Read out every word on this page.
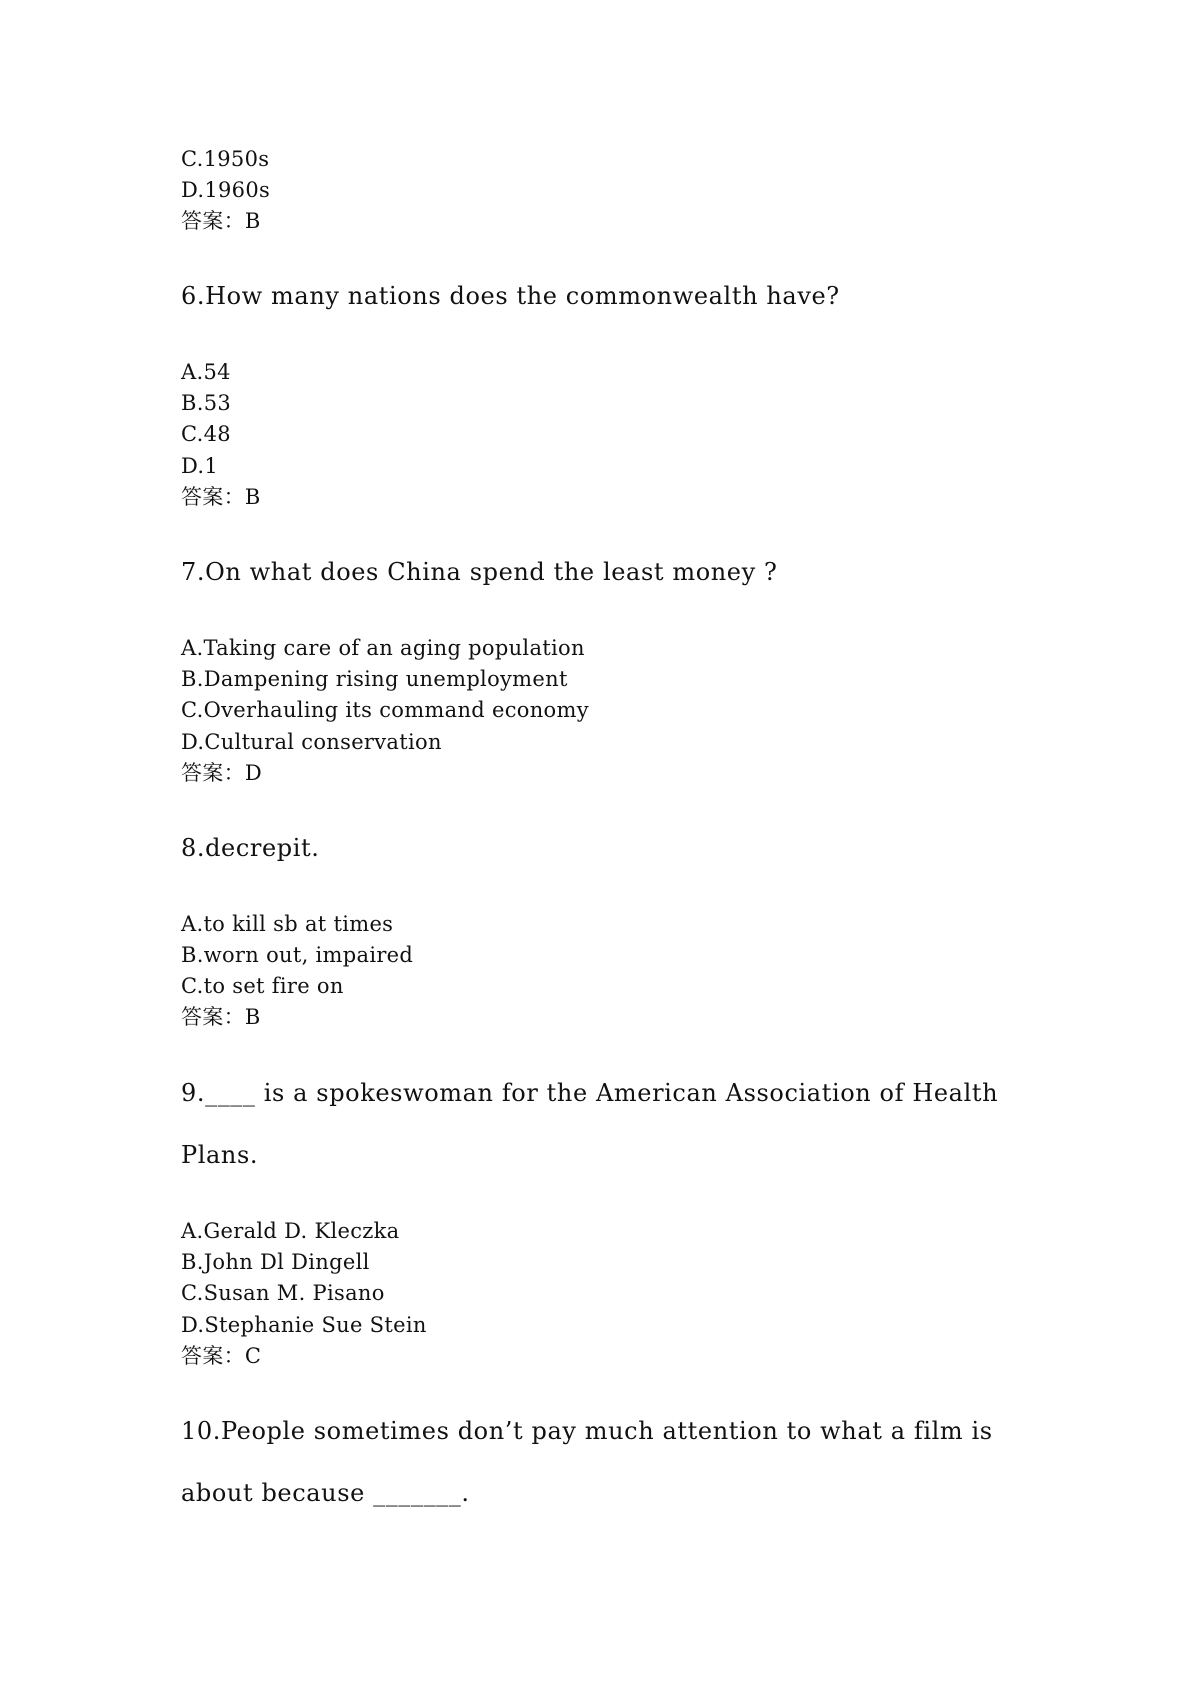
C.1950s
D.1960s
答案：B
6.How many nations does the commonwealth have?
A.54
B.53
C.48
D.1
答案：B
7.On what does China spend the least money ?
A.Taking care of an aging population
B.Dampening rising unemployment
C.Overhauling its command economy
D.Cultural conservation
答案：D
8.decrepit.
A.to kill sb at times
B.worn out, impaired
C.to set fire on
答案：B
9.____ is a spokeswoman for the American Association of Health
Plans.
A.Gerald D. Kleczka
B.John Dl Dingell
C.Susan M. Pisano
D.Stephanie Sue Stein
答案：C
10.People sometimes don’t pay much attention to what a film is
about because _______.
